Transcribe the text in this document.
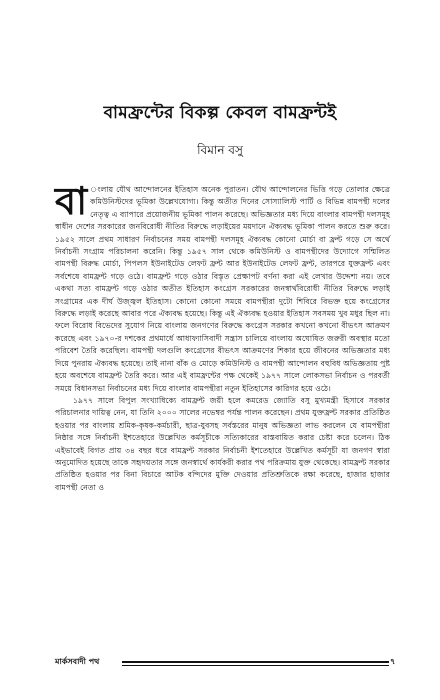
বামফ্রন্টের বিকল্প কেবল বামফ্রন্টই
বিমান বসু

বা ংলায় যৌথ আন্দোলনের ইতিহাস অনেক পুরাতন। যৌথ আন্দোলনের ভিত্তি গড়ে তোলার ক্ষেত্রে কমিউনিস্টদের ভূমিকা উল্লেখযোগ্য। কিন্তু অতীত দিনের সোস্যালিস্ট পার্টি ও বিভিন্ন বামপন্থী দলের নেতৃত্ব এ ব্যাপারে প্রয়োজনীয় ভূমিকা পালন করেছে। অভিজ্ঞতার মধ্য দিয়ে বাংলার বামপন্থী দলসমূহ স্বাধীন দেশের সরকারের জনবিরোধী নীতির বিরুদ্ধে লড়াইয়ের ময়দানে ঐক্যবদ্ধ ভূমিকা পালন করতে শুরু করে। ১৯৫২ সালে প্রথম সাধারণ নির্বাচনের সময় বামপন্থী দলসমূহ ঐক্যবদ্ধ কোনো মোর্চা বা ফ্রন্ট গড়ে সে অর্থে নির্বাচনী সংগ্রাম পরিচালনা করেনি। কিন্তু ১৯৫৭ সাল থেকে কমিউনিস্ট ও বামপন্থীদের উদ্যোগে সম্মিলিত বামপন্থী বিরুদ্ধ মোর্চা, পিপলস ইউনাইটেড লেফট ফ্রন্ট আর ইউনাইটেড লেফট ফ্রন্ট, তারপরে যুক্তফ্রন্ট এবং সর্বশেষে বামফ্রন্ট গড়ে ওঠে। বামফ্রন্ট গড়ে ওঠার বিস্তৃত প্রেক্ষাপট বর্ণনা করা এই লেখার উদ্দেশ্য নয়। তবে একথা সত্য বামফ্রন্ট গড়ে ওঠার অতীত ইতিহাস কংগ্রেস সরকারের জনস্বার্থবিরোধী নীতির বিরুদ্ধে লড়াই সংগ্রামের এক দীর্ঘ উজ্জ্বল ইতিহাস। কোনো কোনো সময়ে বামপন্থীরা দুটো শিবিরে বিভক্ত হয়ে কংগ্রেসের বিরুদ্ধে লড়াই করেছে আবার পরে ঐক্যবদ্ধ হয়েছে। কিন্তু এই ঐক্যবদ্ধ হওয়ার ইতিহাস সবসময় খুব মধুর ছিল না। ফলে বিরোধ বিভেদের সুযোগ নিয়ে বাংলায় জনগণের বিরুদ্ধে কংগ্রেস সরকার কখনো কখনো বীভৎস আক্রমণ করেছে এবং ১৯৭০-র দশকের প্রথমার্ধে আধাফ্যাসিবাদী সন্ত্রাস চালিয়ে বাংলায় অঘোষিত জরুরী অবস্থার মতো পরিবেশ তৈরি করেছিল। বামপন্থী দলগুলি কংগ্রেসের বীভৎস আক্রমণের শিকার হয়ে জীবনের অভিজ্ঞতার মধ্য দিয়ে পুনরায় ঐক্যবদ্ধ হয়েছে। তাই নানা বাঁক ও মোড়ে কমিউনিস্ট ও বামপন্থী আন্দোলন বহুবিধ অভিজ্ঞতায় পুষ্ট হয়ে অবশেষে বামফ্রন্ট তৈরি করে। আর এই বামফ্রন্টের পক্ষ থেকেই ১৯৭৭ সালে লোকসভা নির্বাচন ও পরবর্তী সময়ে বিধানসভা নির্বাচনের মধ্য দিয়ে বাংলার বামপন্থীরা নতুন ইতিহাসের কারিগর হয়ে ওঠে।

১৯৭৭ সালে বিপুল সংখ্যাধিক্যে বামফ্রন্ট জয়ী হলে কমরেড জ্যোতি বসু মুখ্যমন্ত্রী হিসাবে সরকার পরিচালনার দায়িত্ব নেন, যা তিনি ২০০০ সালের নভেম্বর পর্যন্ত পালন করেছেন। প্রথম যুক্তফ্রন্ট সরকার প্রতিষ্ঠিত হওয়ার পর বাংলায় শ্রমিক-কৃষক-কর্মচারী, ছাত্র-যুবসহ সর্বস্তরের মানুষ অভিজ্ঞতা লাভ করলেন যে বামপন্থীরা নিষ্ঠার সঙ্গে নির্বাচনী ইশতেহারে উল্লেখিত কর্মসূচীকে সত্যিকারের বাস্তবায়িত করার চেষ্টা করে চলেন। ঠিক এইভাবেই বিগত প্রায় ৩৪ বছর ধরে বামফ্রন্ট সরকার নির্বাচনী ইশতেহারে উল্লেখিত কর্মসূচী যা জনগণ স্বারা অনুমোদিত হয়েছে তাকে সহৃদয়তার সঙ্গে জনস্বার্থে কার্যকরী করার পথ পরিক্রমায় যুক্ত থেকেছে। বামফ্রন্ট সরকার প্রতিষ্ঠিত হওয়ার পর বিনা বিচারে আটক বন্দিদের মুক্তি দেওয়ার প্রতিশ্রুতিকে রক্ষা করেছে, হাজার হাজার বামপন্থী নেতা ও

মার্কসবাদী পথ	৭
